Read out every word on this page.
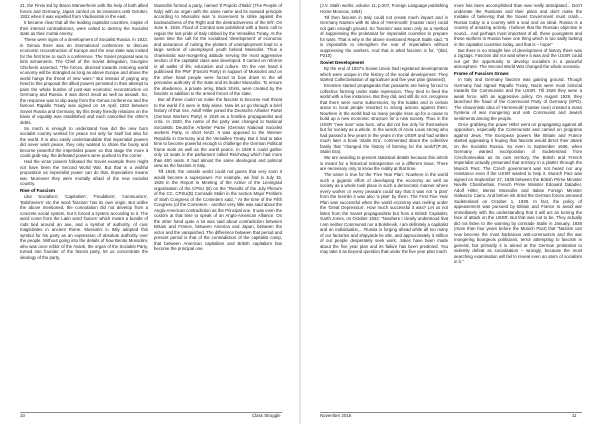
21, the Finns led by Baron Mannerheim with the help of both allied forces and Germany, Japan carried on its invasions until October, 1922 when it was expelled from Vladivostok in the east.

It became clear that all the leading capitalist countries, inspite of their internal contradictions, were united to destroy the Socialist state as their mortal enemy.

These were signs of a development of Socialist Russia. In 1922, in Genoa there was an international conference to discuss economic reconstruction of Europe and the new state was invited for the first time to such a conference. The Soviet proposal was to limit armaments. The Chief of the Soviet delegation, Georgiev Chicherin asserted, "The forces, directed towards restoring world economy will be strangled as long as above Europe and above the world hangs the threat of new wars." But instead of paying any heed to this proposal the allied powers persisted in their attempt to pass the whole burden of post-war economic reconstruction on Germany and Russia. It was direct insult as well as assault. So, the response was to slip away from the Genoa conference and the famous Rapallo Treaty was signed on 16 April, 1922 between Soviet Russia and Germany. By this treaty friendly relations on the basis of equality was established and each cancelled the other's debts.

So much is enough to understand how did the new born socialist country worked for peace not only for itself but also for the world. It is also easily understandable that imperialist powers did never want peace, they only wanted to share the booty and become powerful the imperialist power so that stage the more it could grab-say, the defeated powers were pushed to the corner.

Had the victor powers followed the Soviet example there might not have been the Second World War. But that is a wishful proposition as imperialist power can do that. Imperialism means war. Moreover they were mortally afraid of the new socialist country.

Rise of Fascism

Like 'Socialism', 'Capitalism', 'Feudalism', 'communism', 'Bolshevism' etc the word 'fascism' has its own origin. But unlike the above mentioned, the connotation did not develop from a concrete social system, but it forced a system according to it. The word come from the Latin word 'fasces' which meant a bundle of rods tied around an axe, and a symbol of authority, of civic magistrates in ancient Rome. Mussolini in Italy adopted this symbol for his party as an expression of absolute authority over the people. Without going into the details of how Benito Mussolini, who was once editor of the Avanti, the organ of the Socialist Party, turned into founder of the fascist party, let us concentrate the ideology of the party,

Mussolini formed a party, named 'Il Popolo d'Italia' (The People of Italy) with an organ with the same name and its avowed principle according to Mussolini was 'a movement to strike against the backwardness of the Right and the destructiveness of the left'. On June 6, 1919, Fluxd of Combat was published with a basic call to regain the lost pride of Italy robbed by the Versailles Treaty. At the same time the call for the socialised 'development' of economic and assurance of ruining the plotters of unemployment lead to a large section of unemployed youth behind Mussolini. Thus a charismatic war-mongering attitude serving the most aggressive section of the capitalist class was developed. It carried on reforms in all walks of life, education and culture. On the one hand it publicised the PNF (Fascist Party) in support of Mussolini and on the other hand people were forced to bow down to the all pervasive authority of the state and its leader Mussolini. To ensure the obedience, a private army, Black Shirts, were created by the fascists in addition to the armed forces of the state.

But all these could not make the fascists to become real threat to the world if it were in Italy alone. Now let us go through a brief history of that rise. Adolf Hitler joined the Deutsche Arbeiter Partei (German Workers Party) in 1919 as a frontline propagandist and critic. In 1920, the name of the party was changed to National Socialistic Deutsche Arbeiter Partei (German National Socialist workers Party, in short NAZI. It was opposed to the Weimer Republic in Germany and the Versailles Treaty. But it had to take time to become powerful enough to challenge the German Political frame work as well as the world peace. In 1928 it could gather only 12 seats in the parliament called Reichstag which had more than 600 seats. It had almost the same ideological and political view as the fascists in Italy.

Till 1929, the outside world could not guess that very soon it would become a superpower. For example, we find in July 15, 1926 in the Report in Meeting of the Active of the Leningrad organisation of the CPSU (B) on the "Results of the July Plenum of the CC, CPSU(B) Comrade Stalin in the section Major Problem of Sixth Congress of the Comintern said, " At the time of the Fifth Congress (of the Comintern - another very little was said about the Anglo-American contradiction as the Principal one. It was even the custom at that time to speak of an Anglo-American Alliance. On the other hand quite a lot was said about contradiction between Britain and France, between America and Japan, between the victor and the vanquished. The difference between that period and present period is that of the contradiction of the capitalist camp, that between American capitalism and British capitalism has become the principal one.

10	Class Struggle

(J.V. Stalin works, volume 11, p-207, Foreign Language publishing Home Moscow, 1954)

Till then fascism in Italy could not create much impact and in Germany Nazism with its idea of 'Herrenvolk' (master race) could not gain enough ground. So 'fascism' was seen only as a method of suppressing the proletariat for imperialist countries to prepare for wars. That is why in the above mentioned Report Stalin said, "It is impossible to strengthen the rear of imperialism without suppressing the workers. And that is what fascism is for. "(Ibid, P210)

Soviet Development

By the end of 1937's Soviet Union had registered developments which were unique in the history of the social development. They started Collectivisation of agriculture and five year plan (planned).

Enemies started propaganda that peasants are being forced to collective farming under state repression. They tried to feed the world with a few instances. But they did, and still do not, recognise that there were some subversions, by the kulaks and in certain areas to local people resorted to strong actions against them. Nowhere in the world had so many people risen up for a cause to build up a new economic structure for a new society. Thus in the USSR "new man" was born, who did not live only for themselves but for society as a whole. In the words of Anna Louis strong who had passed a few years in the years in the USSR and had written much later a book 'Stalin Era', commented about the collective family that "changed the history of farming for the world"(P-36, Stalin Era).

We are avoiding to present statistical details because this article is meant for a historical retrospective on a different issue. There are necessary only to know the reality at that time.

The same is true for the 'Five Year Plan'. Nowhere in the world such a gigantic effort of developing the economy as well as society as a whole took place in such a democratic manner where every worker or every peasant could say that it was not 'a plan' from the kremlin it was also 'a plan' by them. The First Five Year Plan was successful when the world economy was reeling under the 'Great Depression'. How much successful it was? Let us not listen from the Soviet propagandists but from a British Capitalist, Garth Jones, on October 1932: "Nowhere I clearly understood that I am neither Communist nor a Bolshevik, I am definitely a capitalist and an individualist,... Russia is forging ahead while all too many of our factories and shipyards lie idle, and approximately 3 million of our people desperately seek work. Jokes have been made about the five year plan and its failure has been predicted. You may take it as beyond question that under the five year plan much

more has been accomplished than was really anticipated... Don't underrate the Russians and their plans and don't make the mistake of believing that the Soviet Government must crash... Russia today is a country with a soul and an ideal. Russia is a country of amazing activity. I believe that the Russian objective is sound... And perhaps most important of all, these youngsters and these workers in Russia have one thing which is too sadly lacking in the capitalist countries today, and that is – hope!"

But there is no straight line of development of history there was a zigzags. Fascism did not wait where it was and the USSR could not get the opportunity to develop socialism in a peaceful atmosphere. The Second World War changed the whole scenario.

Frame of Fascism Grows

In Italy and Germany fascism was gaining ground. Though Germany had signed Rapallo Treaty, Nazis were most inimical towards the Communists and the USSR. Till 1928 they were a weak force, with an aggressive policy. On August 1929, they launched the fraud of the Communist Party of Germany (KPD). The chauvinistic idea of 'Herrenvolk' (master race) created a mass hysteria of war mongering and anti Communist and Jewish sentiments among the people.

Once grabbing the power Hitler went on propagating against all opposition, especially the Communists and carried on programs against Jews. The European powers like Britain and France started appeasing it hoping that fascists would direct their attack on the Socialist Russia. So even in September 1936, when Germany wanted incorporation of Sudetenland from Czechoslovakia as its own territory, the British and French imperialist actually presented that territory in a platter through the Munich Pact. The Czech government was not heard nor any resistance even if the USSR wanted to help it. Munich Pact was signed on September 27, 1938 between the British Prime Minister Neville Chamberlain, French Prime Minister Edouard Daladier, Adolf Hitler, Benito Mussolini and Italian Foreign Minister Galeazzo Ciano. And before ink dried the German forces annexed Sudetenland on October 1, 1938. In fact, the policy of appeasement was pursued by Britain and France to avoid war immediately with the understanding that it will act as turning the face of attack on the USSR. But that was not to be. They actually did not listen to the warning by comrade Stalin in January, 1936 (more than four years before the Munich Pact) that "Nazism can now become the most barbarous anti-communism and the war mongering bourgeois politicians, terror attempting to fascism in general, but primarily it is aimed at the German proletariat to violently defeat as socialisation – wrongly, because the most searching examination will fail to reveal even an atom of socialism in it."

November 2015	11
